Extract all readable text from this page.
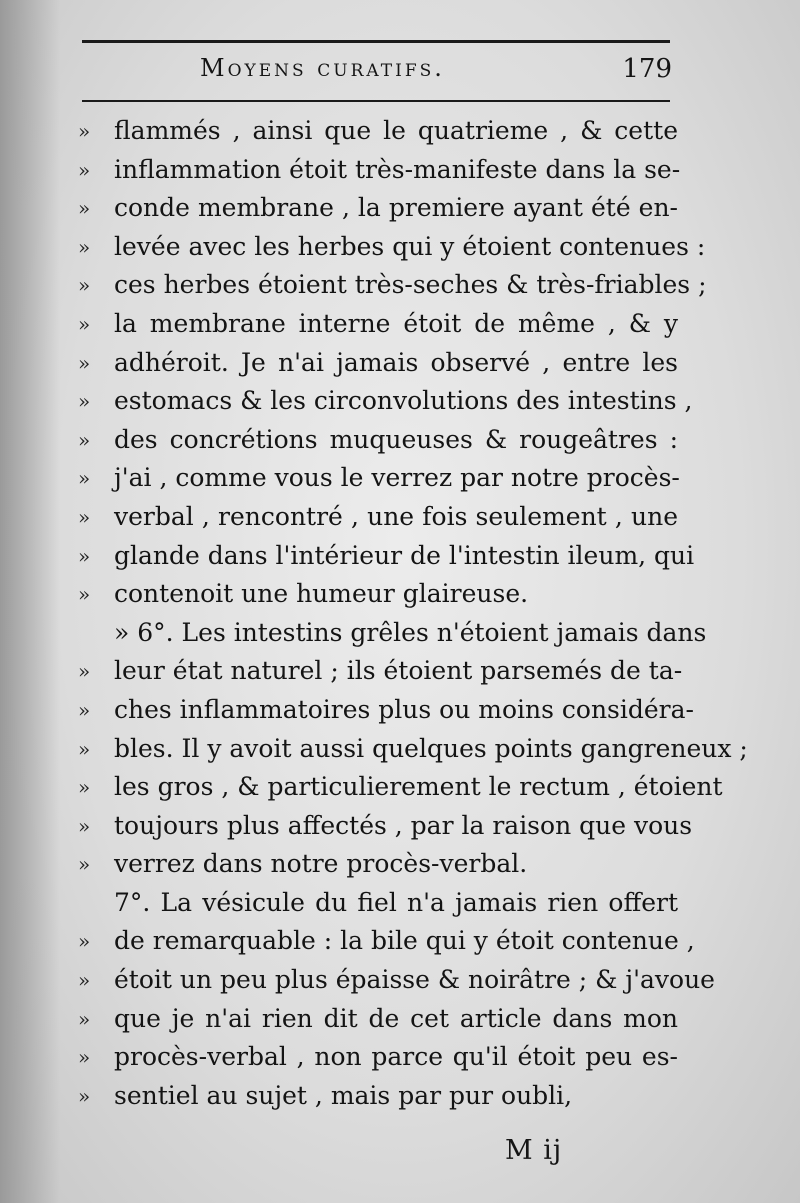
Moyens curatifs.	179
» flammés , ainsi que le quatrieme , & cette
» inflammation étoit très-manifeste dans la se-
» conde membrane , la premiere ayant été en-
» levée avec les herbes qui y étoient contenues :
» ces herbes étoient très-seches & très-friables ;
» la membrane interne étoit de même , & y
» adhéroit. Je n'ai jamais observé , entre les
» estomacs & les circonvolutions des intestins ,
» des concrétions muqueuses & rougeâtres :
» j'ai , comme vous le verrez par notre procès-
» verbal , rencontré , une fois seulement , une
» glande dans l'intérieur de l'intestin ileum, qui
» contenoit une humeur glaireuse.
» 6°. Les intestins grêles n'étoient jamais dans
» leur état naturel ; ils étoient parsemés de ta-
» ches inflammatoires plus ou moins considéra-
» bles. Il y avoit aussi quelques points gangreneux ;
» les gros , & particulierement le rectum , étoient
» toujours plus affectés , par la raison que vous
» verrez dans notre procès-verbal.
7°. La vésicule du fiel n'a jamais rien offert
» de remarquable : la bile qui y étoit contenue ,
» étoit un peu plus épaisse & noirâtre ; & j'avoue
» que je n'ai rien dit de cet article dans mon
» procès-verbal , non parce qu'il étoit peu es-
» sentiel au sujet , mais par pur oubli,
M ij
